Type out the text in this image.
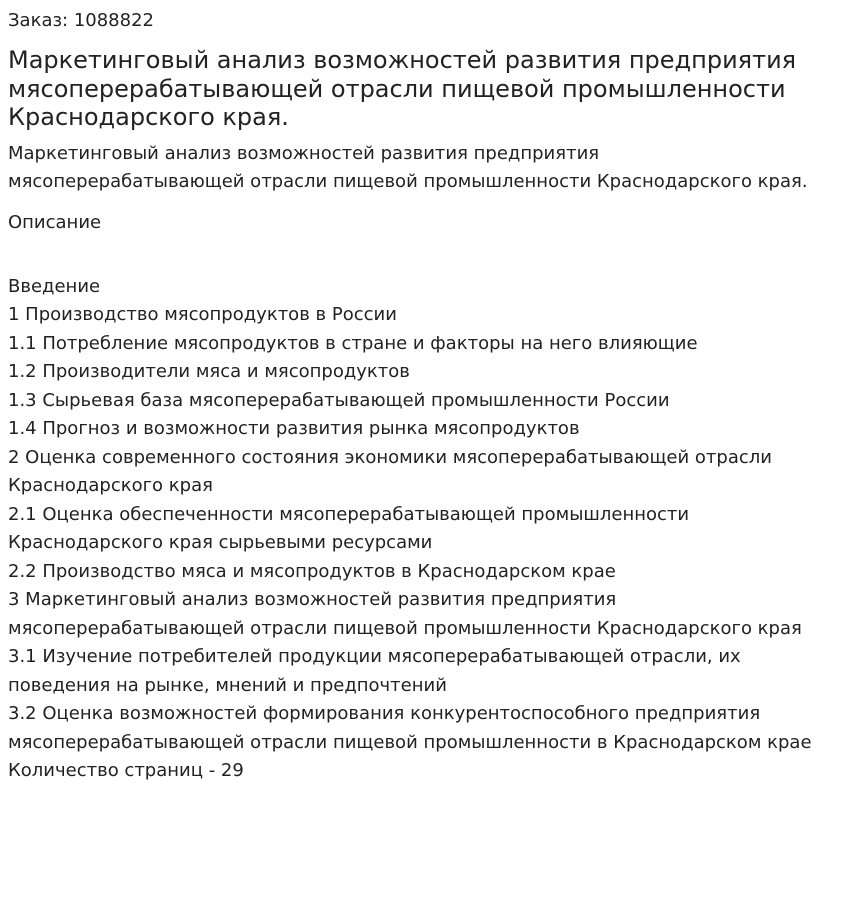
Заказ: 1088822

Маркетинговый анализ возможностей развития предприятия мясоперерабатывающей отрасли пищевой промышленности Краснодарского края.

Маркетинговый анализ возможностей развития предприятия мясоперерабатывающей отрасли пищевой промышленности Краснодарского края.

Описание
Введение
1 Производство мясопродуктов в России
1.1 Потребление мясопродуктов в стране и факторы на него влияющие
1.2 Производители мяса и мясопродуктов
1.3 Сырьевая база мясоперерабатывающей промышленности России
1.4 Прогноз и возможности развития рынка мясопродуктов
2 Оценка современного состояния экономики мясоперерабатывающей отрасли Краснодарского края
2.1 Оценка обеспеченности мясоперерабатывающей промышленности Краснодарского края сырьевыми ресурсами
2.2 Производство мяса и мясопродуктов в Краснодарском крае
3 Маркетинговый анализ возможностей развития предприятия мясоперерабатывающей отрасли пищевой промышленности Краснодарского края
3.1 Изучение потребителей продукции мясоперерабатывающей отрасли, их поведения на рынке, мнений и предпочтений
3.2 Оценка возможностей формирования конкурентоспособного предприятия мясоперерабатывающей отрасли пищевой промышленности в Краснодарском крае

Количество страниц - 29
